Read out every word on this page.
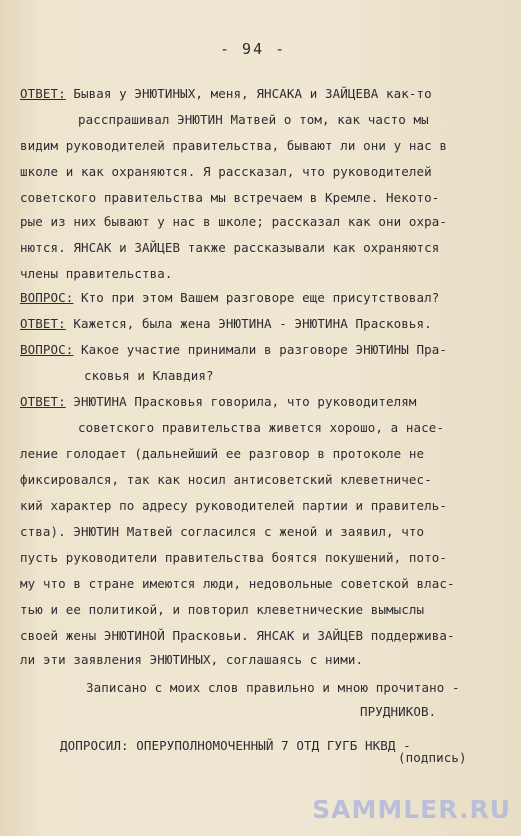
- 94 -
ОТВЕТ: Бывая у ЭНЮТИНЫХ, меня, ЯНСАКА и ЗАЙЦЕВА как-то
расспрашивал ЭНЮТИН Матвей о том, как часто мы
видим руководителей правительства, бывают ли они у нас в
школе и как охраняются. Я рассказал, что руководителей
советского правительства мы встречаем в Кремле. Некото-
рые из них бывают у нас в школе; рассказал как они охра-
нются. ЯНСАК и ЗАЙЦЕВ также рассказывали как охраняются
члены правительства.
ВОПРОС: Кто при этом Вашем разговоре еще присутствовал?
ОТВЕТ: Кажется, была жена ЭНЮТИНА - ЭНЮТИНА Прасковья.
ВОПРОС: Какое участие принимали в разговоре ЭНЮТИНЫ Пра-
сковья и Клавдия?
ОТВЕТ: ЭНЮТИНА Прасковья говорила, что руководителям
советского правительства живется хорошо, а насе-
ление голодает (дальнейший ее разговор в протоколе не
фиксировался, так как носил антисоветский клеветничес-
кий характер по адресу руководителей партии и правитель-
ства). ЭНЮТИН Матвей согласился с женой и заявил, что
пусть руководители правительства боятся покушений, пото-
му что в стране имеются люди, недовольные советской влас-
тью и ее политикой, и повторил клеветнические вымыслы
своей жены ЭНЮТИНОЙ Прасковьи. ЯНСАК и ЗАЙЦЕВ поддержива-
ли эти заявления ЭНЮТИНЫХ, соглашаясь с ними.
Записано с моих слов правильно и мною прочитано -
ПРУДНИКОВ.
ДОПРОСИЛ: ОПЕРУПОЛНОМОЧЕННЫЙ 7 ОТД ГУГБ НКВД -
(подпись)
SAMMLER.RU
